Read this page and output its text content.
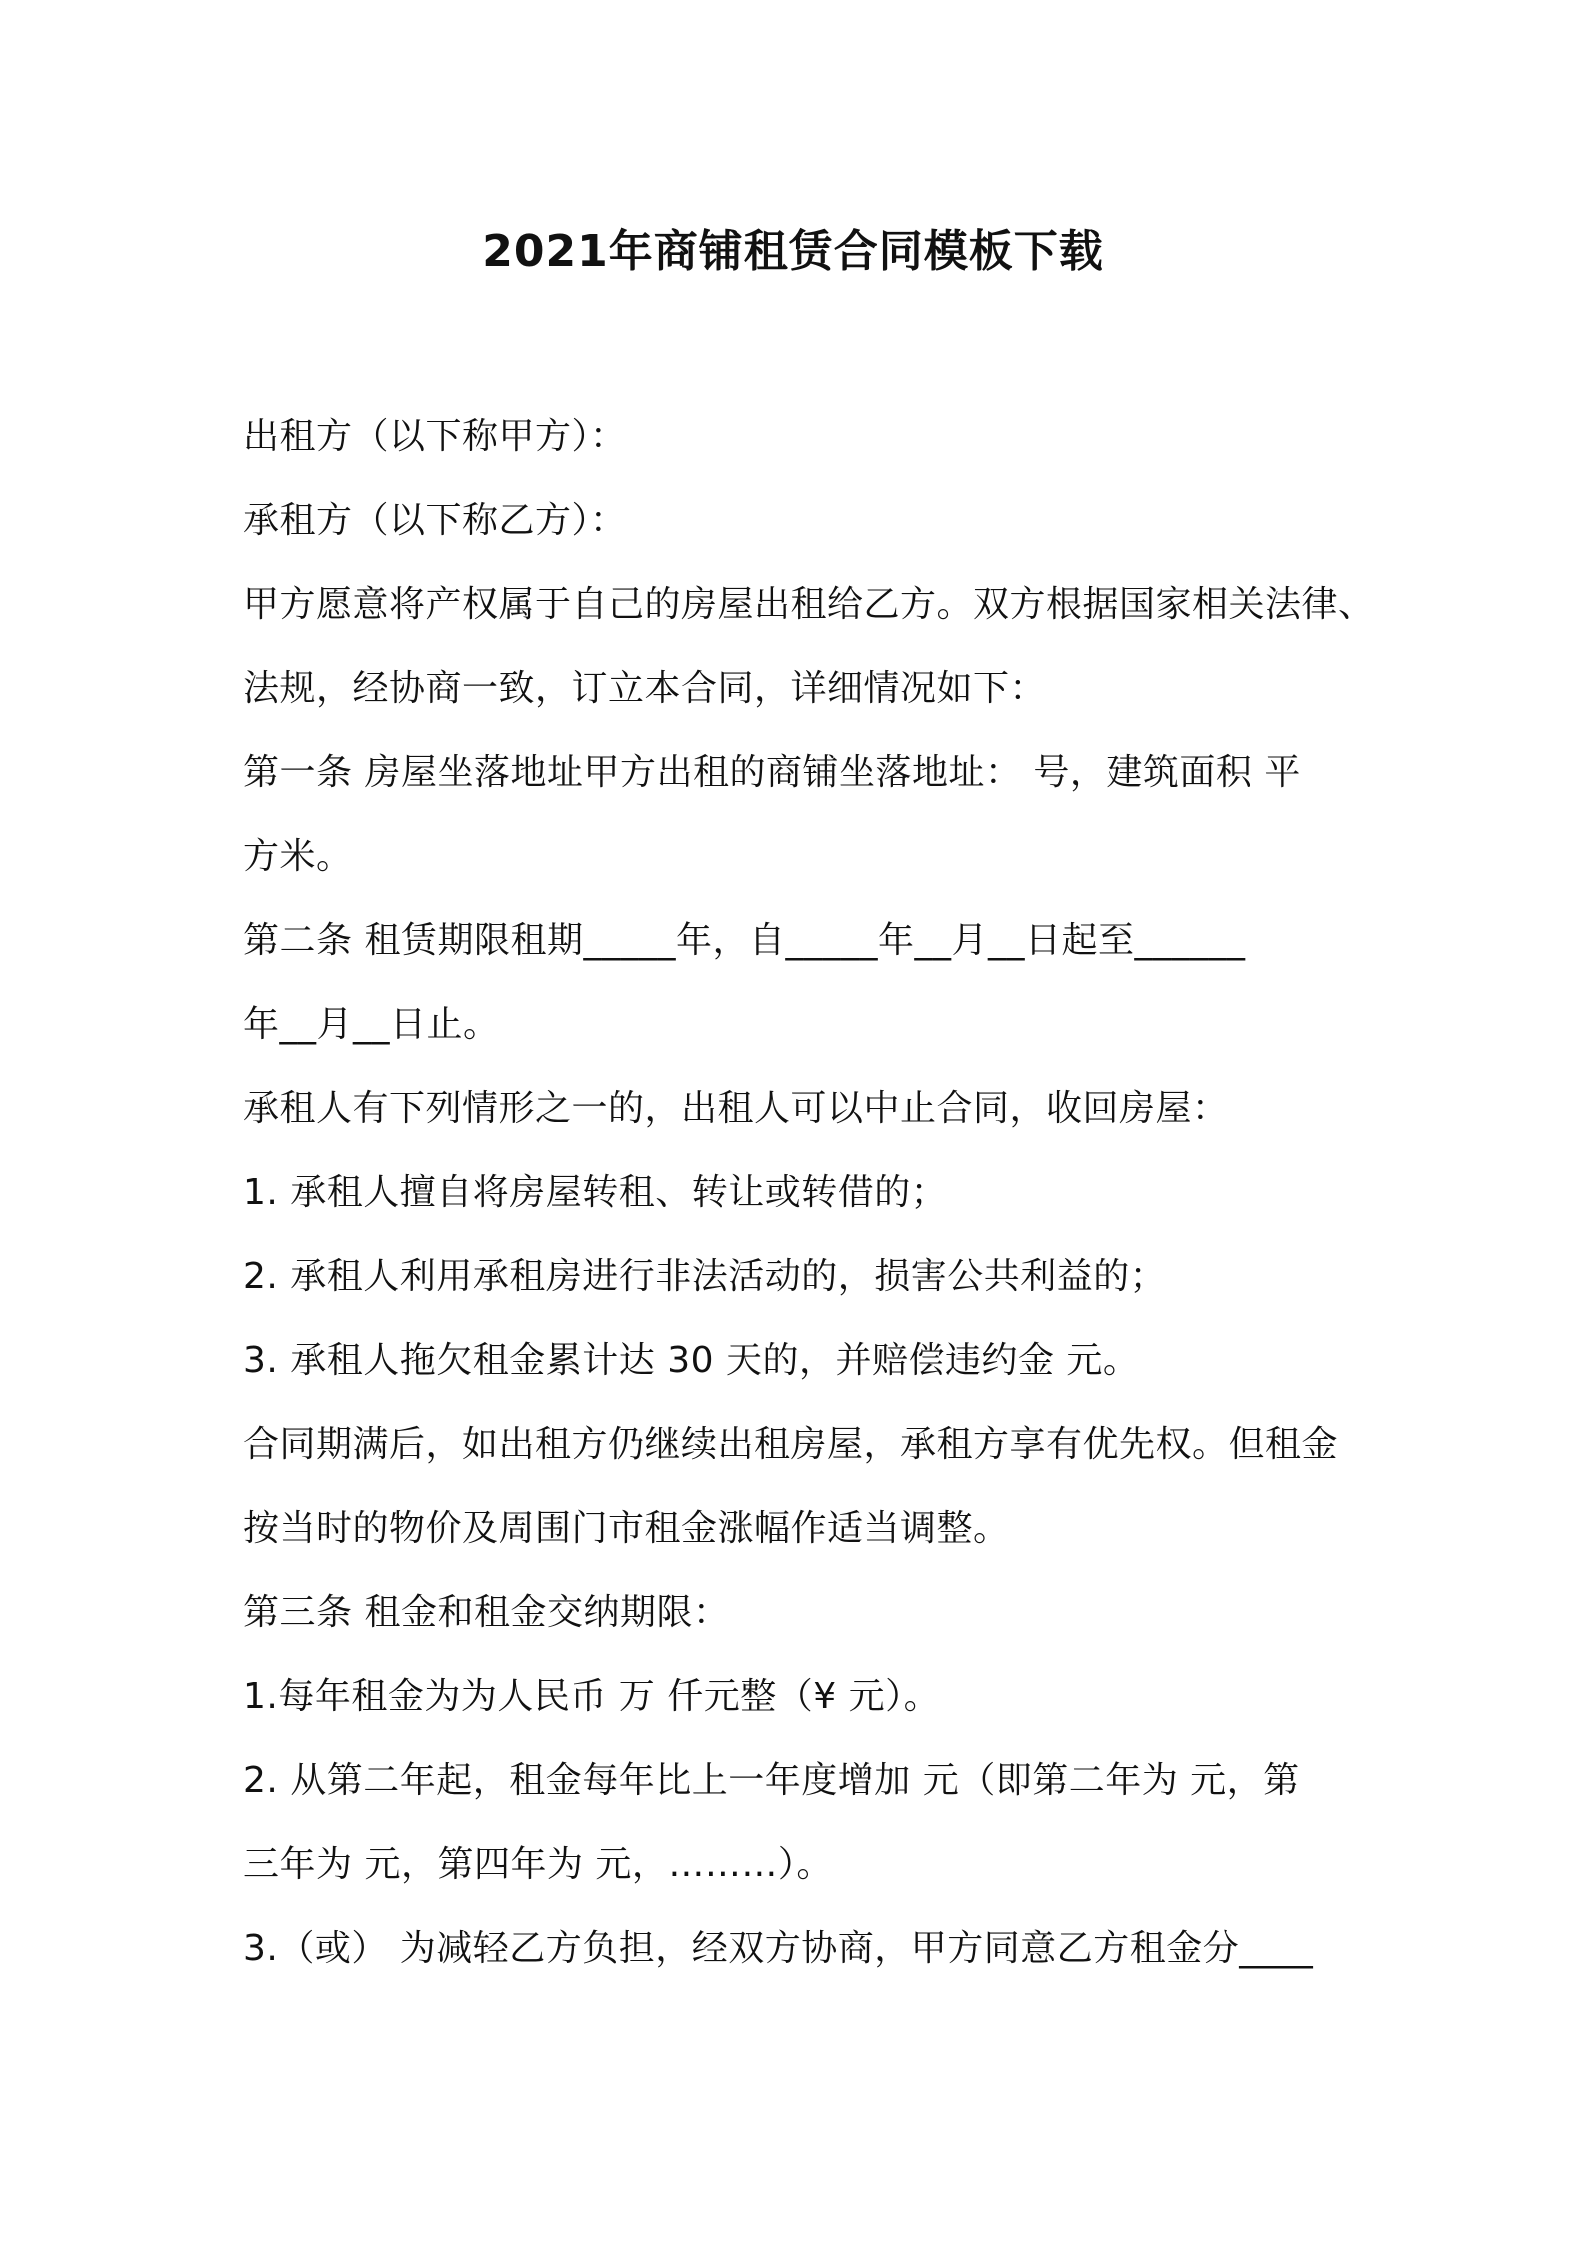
2021年商铺租赁合同模板下载
出租方（以下称甲方）：
承租方（以下称乙方）：
甲方愿意将产权属于自己的房屋出租给乙方。双方根据国家相关法律、
法规，经协商一致，订立本合同，详细情况如下：
第一条 房屋坐落地址甲方出租的商铺坐落地址： 号，建筑面积 平
方米。
第二条 租赁期限租期_____年，自_____年__月__日起至______
年__月__日止。
承租人有下列情形之一的，出租人可以中止合同，收回房屋：
1. 承租人擅自将房屋转租、转让或转借的；
2. 承租人利用承租房进行非法活动的，损害公共利益的；
3. 承租人拖欠租金累计达 30 天的，并赔偿违约金 元。
合同期满后，如出租方仍继续出租房屋，承租方享有优先权。但租金
按当时的物价及周围门市租金涨幅作适当调整。
第三条 租金和租金交纳期限：
1.每年租金为为人民币 万 仟元整（¥ 元）。
2. 从第二年起，租金每年比上一年度增加 元（即第二年为 元，第
三年为 元，第四年为 元，………）。
3.（或） 为减轻乙方负担，经双方协商，甲方同意乙方租金分____
